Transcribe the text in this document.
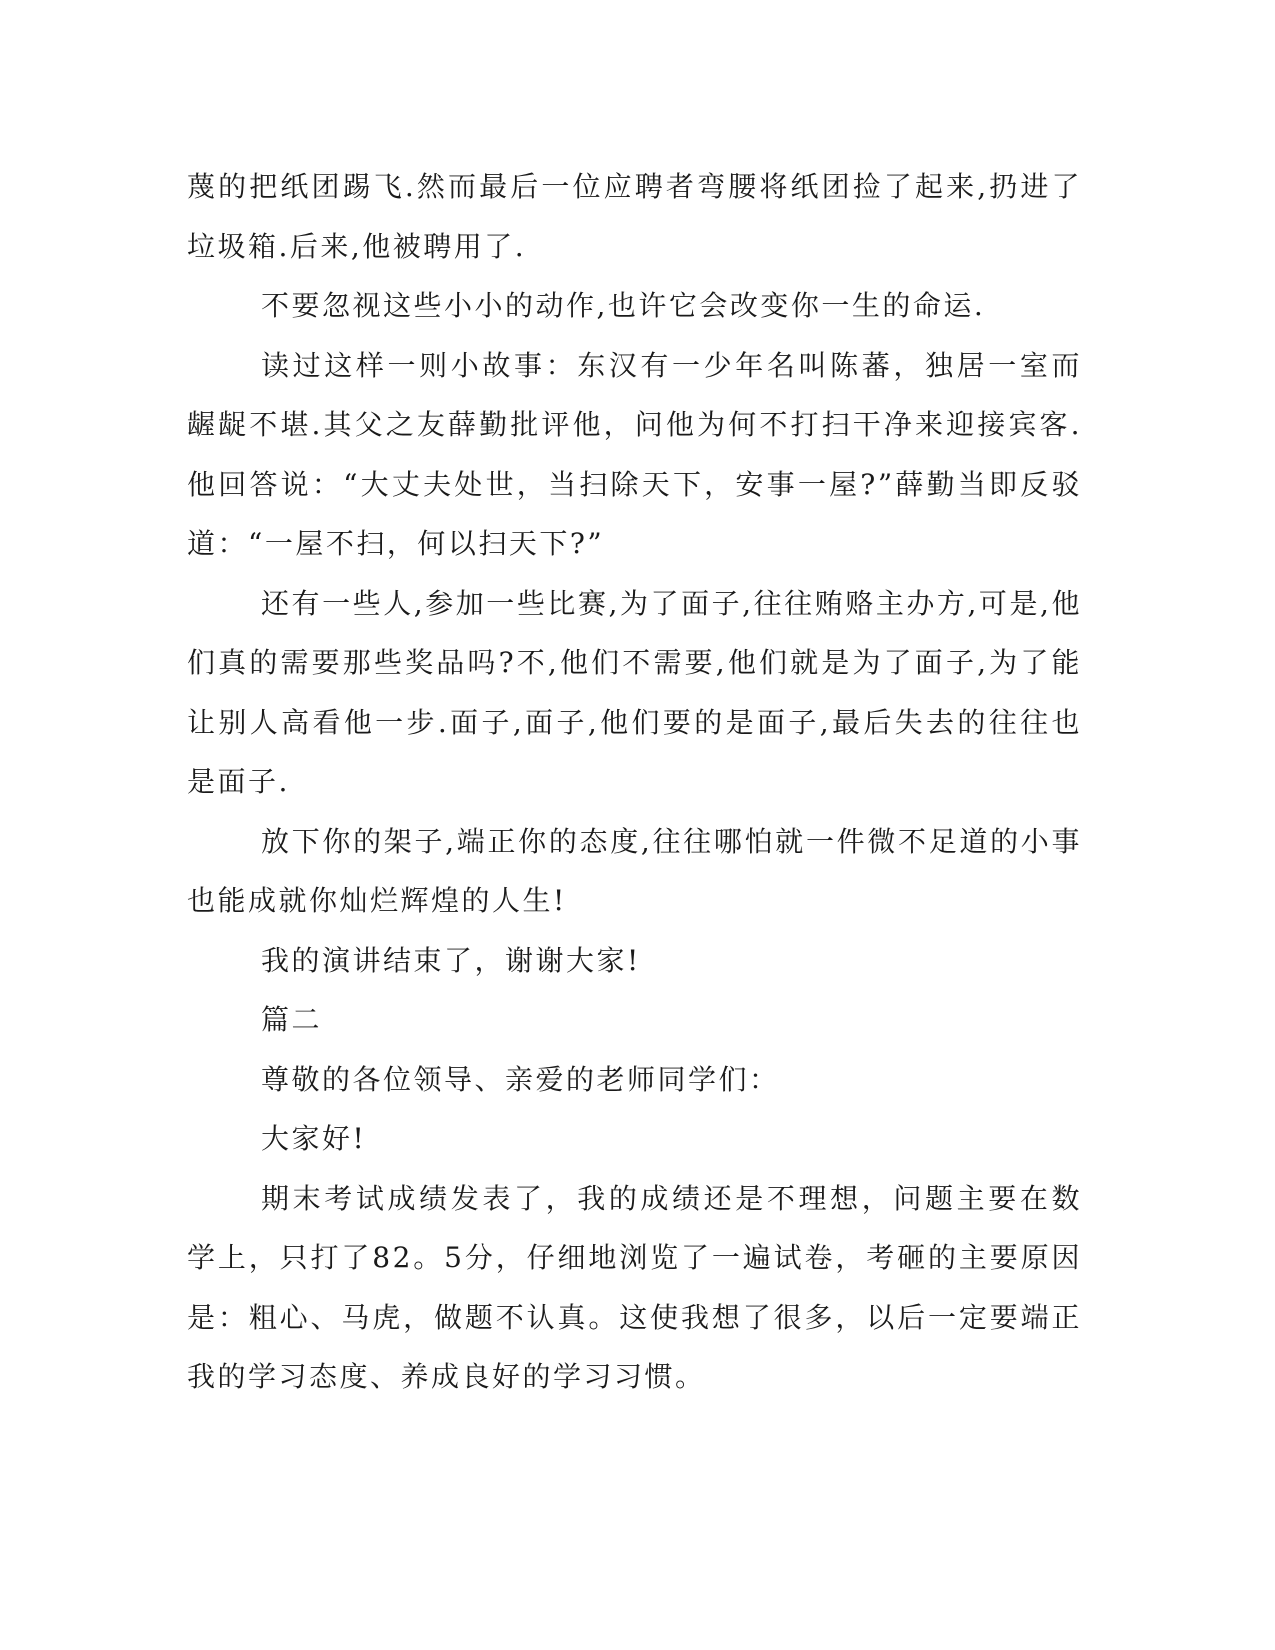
蔑的把纸团踢飞.然而最后一位应聘者弯腰将纸团捡了起来,扔进了垃圾箱.后来,他被聘用了.

不要忽视这些小小的动作,也许它会改变你一生的命运.

读过这样一则小故事：东汉有一少年名叫陈蕃，独居一室而龌龊不堪.其父之友薛勤批评他，问他为何不打扫干净来迎接宾客.他回答说：“大丈夫处世，当扫除天下，安事一屋?”薛勤当即反驳道：“一屋不扫，何以扫天下?”

还有一些人,参加一些比赛,为了面子,往往贿赂主办方,可是,他们真的需要那些奖品吗?不,他们不需要,他们就是为了面子,为了能让别人高看他一步.面子,面子,他们要的是面子,最后失去的往往也是面子.

放下你的架子,端正你的态度,往往哪怕就一件微不足道的小事也能成就你灿烂辉煌的人生!

我的演讲结束了，谢谢大家!

篇二

尊敬的各位领导、亲爱的老师同学们：

大家好!

期末考试成绩发表了，我的成绩还是不理想，问题主要在数学上，只打了82。5分，仔细地浏览了一遍试卷，考砸的主要原因是：粗心、马虎，做题不认真。这使我想了很多，以后一定要端正我的学习态度、养成良好的学习习惯。
